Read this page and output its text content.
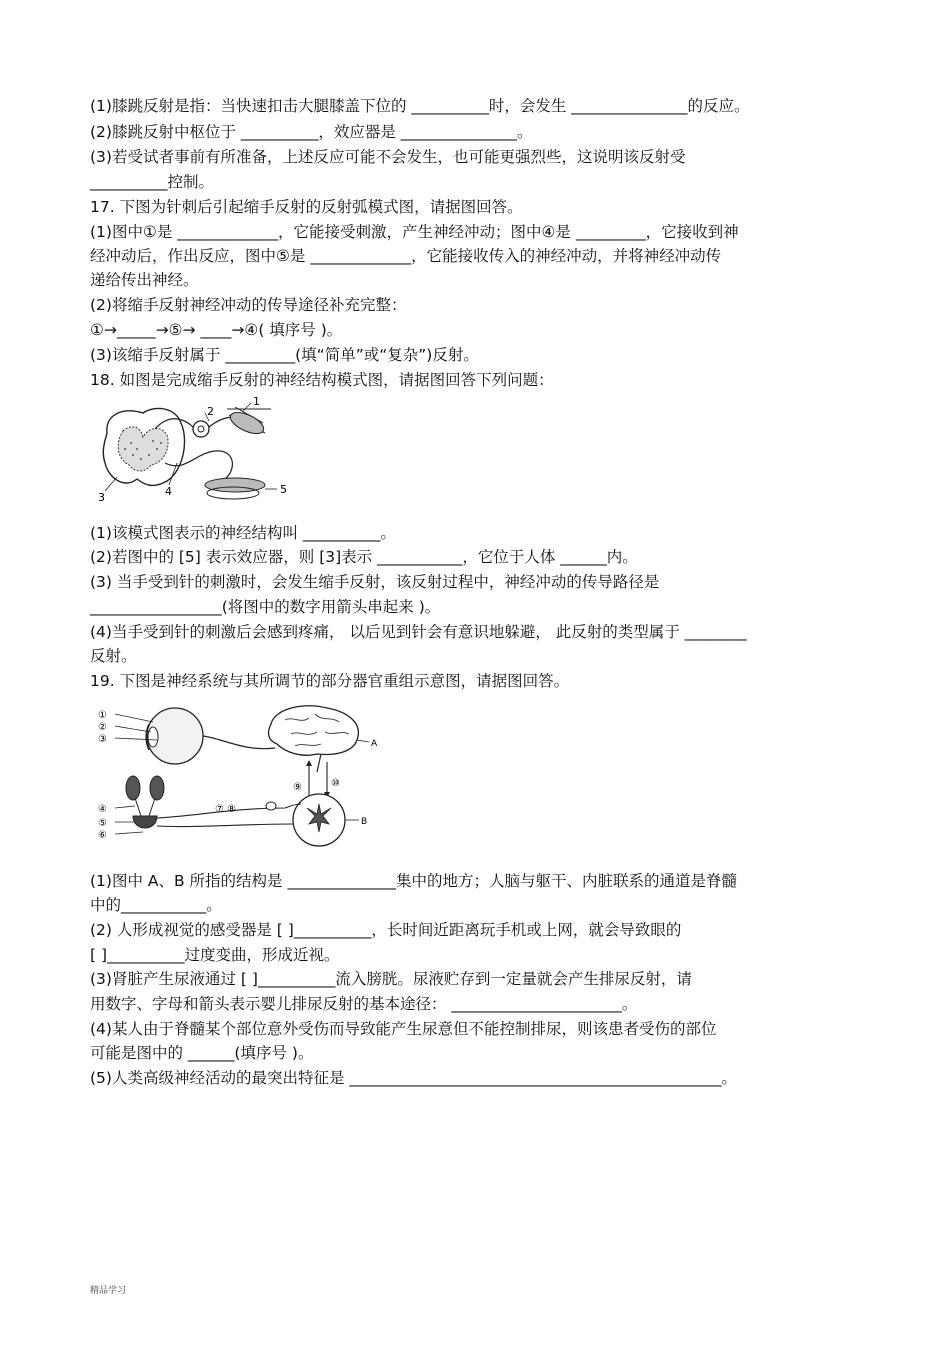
(1)膝跳反射是指：当快速扣击大腿膝盖下位的 __________时，会发生 _______________的反应。
(2)膝跳反射中枢位于 __________，效应器是 _______________。
(3)若受试者事前有所准备，上述反应可能不会发生，也可能更强烈些，这说明该反射受
__________控制。
17. 下图为针刺后引起缩手反射的反射弧模式图，请据图回答。
(1)图中①是 _____________，它能接受刺激，产生神经冲动；图中④是 _________，它接收到神
经冲动后，作出反应，图中⑤是 _____________，它能接收传入的神经冲动，并将神经冲动传
递给传出神经。
(2)将缩手反射神经冲动的传导途径补充完整：
①→_____→⑤→ ____→④( 填序号 )。
(3)该缩手反射属于 _________(填“简单”或“复杂”)反射。
18. 如图是完成缩手反射的神经结构模式图，请据图回答下列问题：
1
2
3	4	5
(1)该模式图表示的神经结构叫 __________。
(2)若图中的 [5] 表示效应器，则 [3]表示 ___________，它位于人体 ______内。
(3) 当手受到针的刺激时，会发生缩手反射，该反射过程中，神经冲动的传导路径是
_________________(将图中的数字用箭头串起来 )。
(4)当手受到针的刺激后会感到疼痛， 以后见到针会有意识地躲避， 此反射的类型属于 ________
反射。
19. 下图是神经系统与其所调节的部分器官重组示意图，请据图回答。
①
②
③
④
⑤
⑥
⑦ ⑧
⑨	⑩
A
B
(1)图中 A、B 所指的结构是 ______________集中的地方；人脑与躯干、内脏联系的通道是脊髓
中的___________。
(2) 人形成视觉的感受器是 [ ]__________，长时间近距离玩手机或上网，就会导致眼的
[ ]__________过度变曲，形成近视。
(3)肾脏产生尿液通过 [ ]__________流入膀胱。尿液贮存到一定量就会产生排尿反射，请
用数字、字母和箭头表示婴儿排尿反射的基本途径： ______________________。
(4)某人由于脊髓某个部位意外受伤而导致能产生尿意但不能控制排尿，则该患者受伤的部位
可能是图中的 ______(填序号 )。
(5)人类高级神经活动的最突出特征是 ________________________________________________。
精品学习
